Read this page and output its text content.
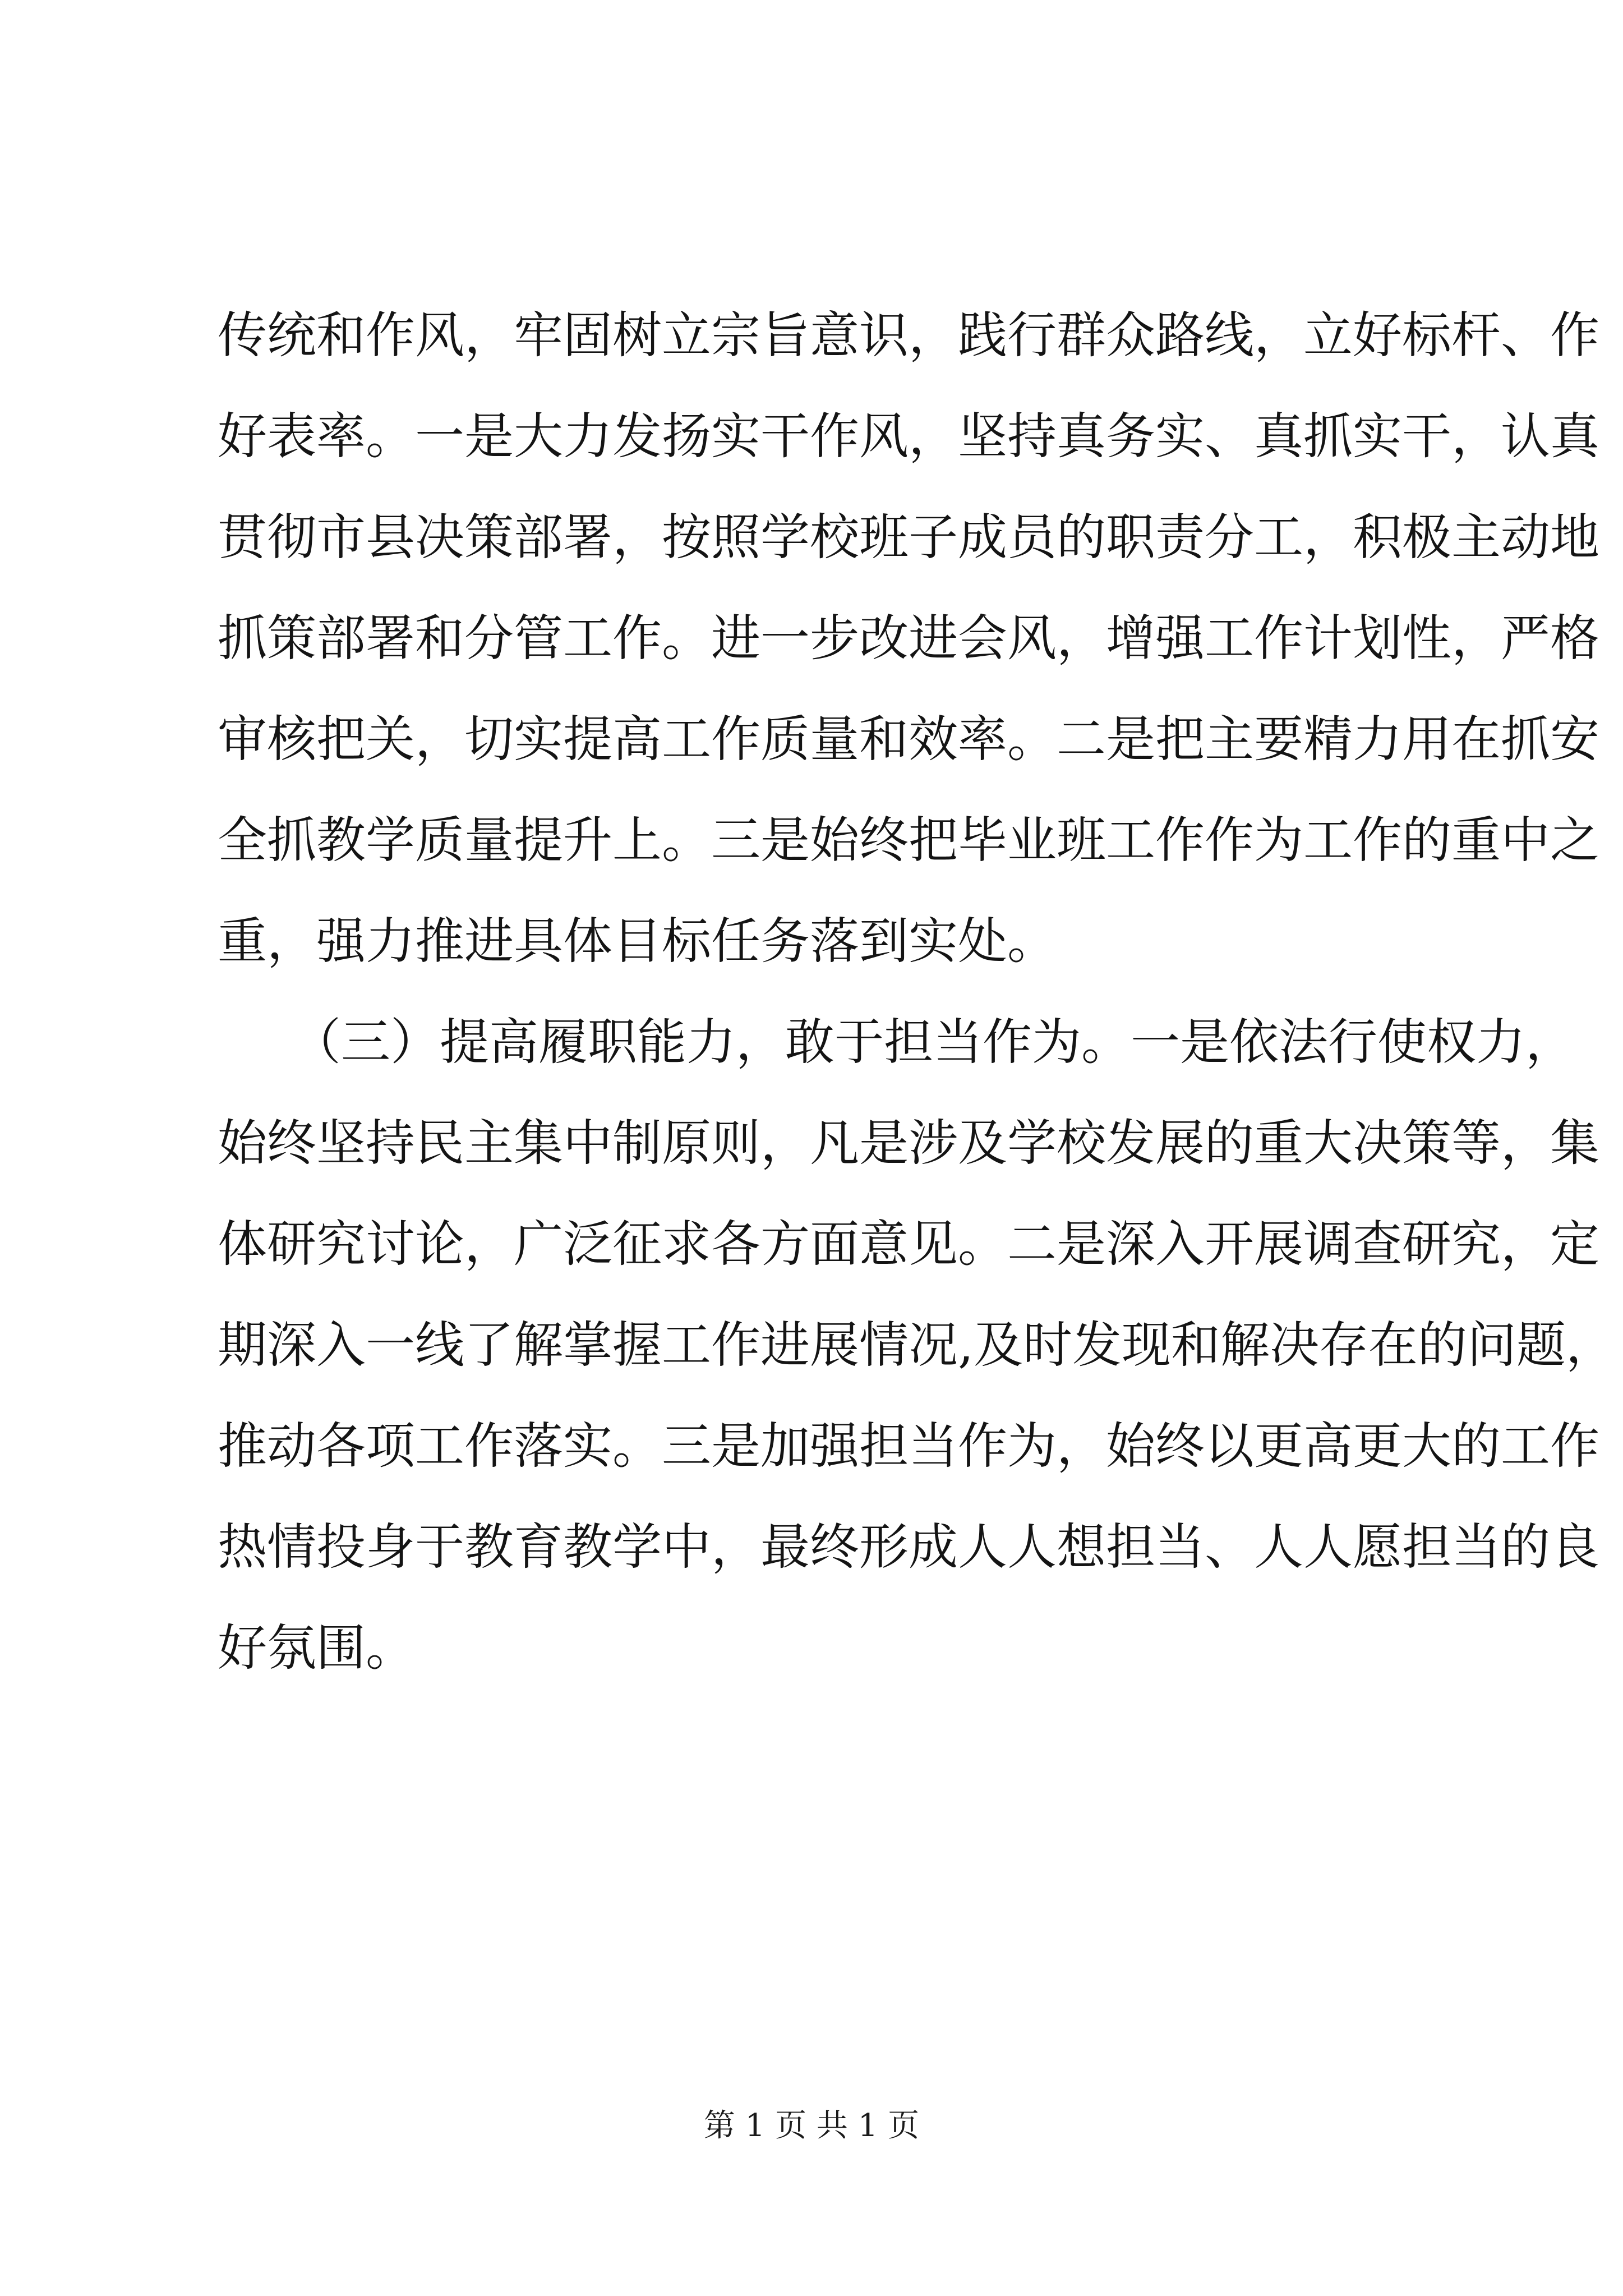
传统和作风，牢固树立宗旨意识，践行群众路线，立好标杆、作
好表率。一是大力发扬实干作风，坚持真务实、真抓实干，认真
贯彻市县决策部署，按照学校班子成员的职责分工，积极主动地
抓策部署和分管工作。进一步改进会风，增强工作计划性，严格
审核把关，切实提高工作质量和效率。二是把主要精力用在抓安
全抓教学质量提升上。三是始终把毕业班工作作为工作的重中之
重，强力推进具体目标任务落到实处。

　　（三）提高履职能力，敢于担当作为。一是依法行使权力，
始终坚持民主集中制原则，凡是涉及学校发展的重大决策等，集
体研究讨论，广泛征求各方面意见。二是深入开展调查研究，定
期深入一线了解掌握工作进展情况,及时发现和解决存在的问题，
推动各项工作落实。三是加强担当作为，始终以更高更大的工作
热情投身于教育教学中，最终形成人人想担当、人人愿担当的良
好氛围。

第 1 页 共 1 页
